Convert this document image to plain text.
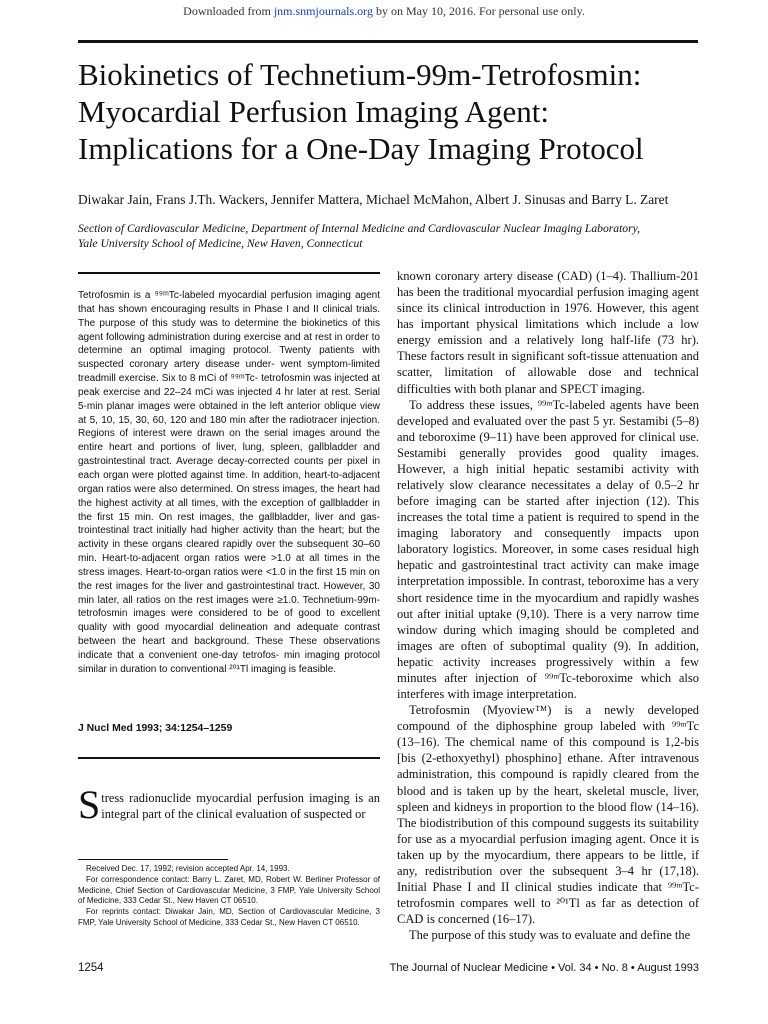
Downloaded from jnm.snmjournals.org by on May 10, 2016. For personal use only.
Biokinetics of Technetium-99m-Tetrofosmin:
Myocardial Perfusion Imaging Agent:
Implications for a One-Day Imaging Protocol
Diwakar Jain, Frans J.Th. Wackers, Jennifer Mattera, Michael McMahon, Albert J. Sinusas and Barry L. Zaret
Section of Cardiovascular Medicine, Department of Internal Medicine and Cardiovascular Nuclear Imaging Laboratory,
Yale University School of Medicine, New Haven, Connecticut

Tetrofosmin is a ⁹⁹ᵐTc-labeled myocardial perfusion imaging agent that has shown encouraging results in Phase I and II clinical trials. The purpose of this study was to determine the biokinetics of this agent following administration during exercise and at rest in order to determine an optimal imaging protocol. Twenty patients with suspected coronary artery disease under- went symptom-limited treadmill exercise. Six to 8 mCi of ⁹⁹ᵐTc- tetrofosmin was injected at peak exercise and 22–24 mCi was injected 4 hr later at rest. Serial 5-min planar images were obtained in the left anterior oblique view at 5, 10, 15, 30, 60, 120 and 180 min after the radiotracer injection. Regions of interest were drawn on the serial images around the entire heart and portions of liver, lung, spleen, gallbladder and gastrointestinal tract. Average decay-corrected counts per pixel in each organ were plotted against time. In addition, heart-to-adjacent organ ratios were also determined. On stress images, the heart had the highest activity at all times, with the exception of gallbladder in the first 15 min. On rest images, the gallbladder, liver and gas- trointestinal tract initially had higher activity than the heart; but the activity in these organs cleared rapidly over the subsequent 30–60 min. Heart-to-adjacent organ ratios were >1.0 at all times in the stress images. Heart-to-organ ratios were <1.0 in the first 15 min on the rest images for the liver and gastrointestinal tract. However, 30 min later, all ratios on the rest images were ≥1.0. Technetium-99m-tetrofosmin images were considered to be of good to excellent quality with good myocardial delineation and adequate contrast between the heart and background. These These observations indicate that a convenient one-day tetrofos- min imaging protocol similar in duration to conventional ²⁰¹Tl imaging is feasible.

J Nucl Med 1993; 34:1254–1259

Stress radionuclide myocardial perfusion imaging is an integral part of the clinical evaluation of suspected or

Received Dec. 17, 1992; revision accepted Apr. 14, 1993.

For correspondence contact: Barry L. Zaret, MD, Robert W. Berliner Professor of Medicine, Chief Section of Cardiovascular Medicine, 3 FMP, Yale University School of Medicine, 333 Cedar St., New Haven CT 06510.

For reprints contact: Diwakar Jain, MD, Section of Cardiovascular Medicine, 3 FMP, Yale University School of Medicine, 333 Cedar St., New Haven CT 06510.

known coronary artery disease (CAD) (1–4). Thallium-201 has been the traditional myocardial perfusion imaging agent since its clinical introduction in 1976. However, this agent has important physical limitations which include a low energy emission and a relatively long half-life (73 hr). These factors result in significant soft-tissue attenuation and scatter, limitation of allowable dose and technical difficulties with both planar and SPECT imaging.

To address these issues, ⁹⁹ᵐTc-labeled agents have been developed and evaluated over the past 5 yr. Sestamibi (5–8) and teboroxime (9–11) have been approved for clinical use. Sestamibi generally provides good quality images. However, a high initial hepatic sestamibi activity with relatively slow clearance necessitates a delay of 0.5–2 hr before imaging can be started after injection (12). This increases the total time a patient is required to spend in the imaging laboratory and consequently impacts upon laboratory logistics. Moreover, in some cases residual high hepatic and gastrointestinal tract activity can make image interpretation impossible. In contrast, teboroxime has a very short residence time in the myocardium and rapidly washes out after initial uptake (9,10). There is a very narrow time window during which imaging should be completed and images are often of suboptimal quality (9). In addition, hepatic activity increases progressively within a few minutes after injection of ⁹⁹ᵐTc-teboroxime which also interferes with image interpretation.

Tetrofosmin (Myoview™) is a newly developed compound of the diphosphine group labeled with ⁹⁹ᵐTc (13–16). The chemical name of this compound is 1,2-bis [bis (2-ethoxyethyl) phosphino] ethane. After intravenous administration, this compound is rapidly cleared from the blood and is taken up by the heart, skeletal muscle, liver, spleen and kidneys in proportion to the blood flow (14–16). The biodistribution of this compound suggests its suitability for use as a myocardial perfusion imaging agent. Once it is taken up by the myocardium, there appears to be little, if any, redistribution over the subsequent 3–4 hr (17,18). Initial Phase I and II clinical studies indicate that ⁹⁹ᵐTc-tetrofosmin compares well to ²⁰¹Tl as far as detection of CAD is concerned (16–17).

The purpose of this study was to evaluate and define the

1254	The Journal of Nuclear Medicine • Vol. 34 • No. 8 • August 1993
